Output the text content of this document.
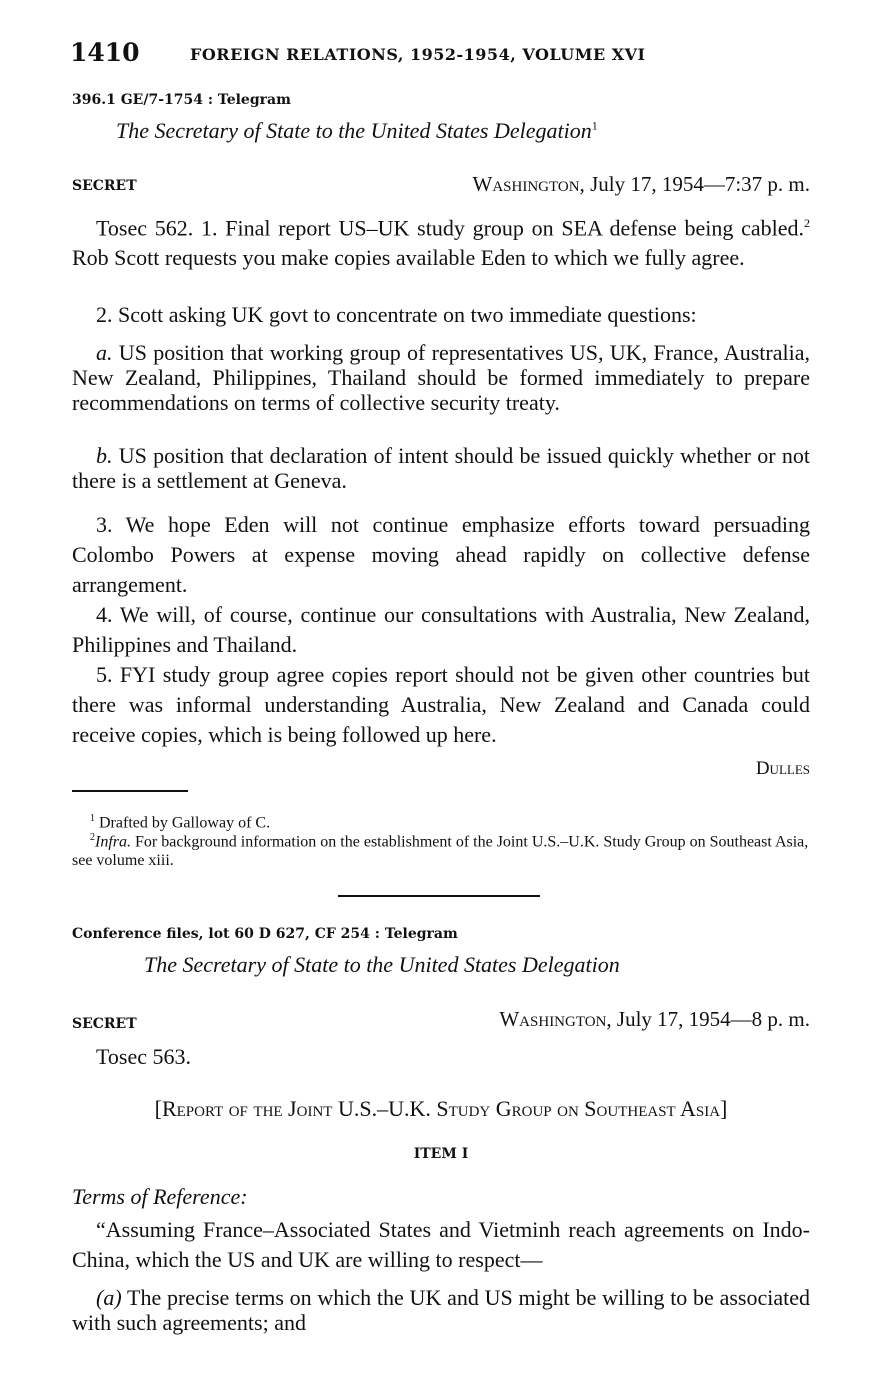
1410	FOREIGN RELATIONS, 1952-1954, VOLUME XVI
396.1 GE/7-1754 : Telegram
The Secretary of State to the United States Delegation$^1$
SECRET	Washington, July 17, 1954—7:37 p. m.
Tosec 562. 1. Final report US–UK study group on SEA defense being cabled.$^2$ Rob Scott requests you make copies available Eden to which we fully agree.
2. Scott asking UK govt to concentrate on two immediate questions:
a. US position that working group of representatives US, UK, France, Australia, New Zealand, Philippines, Thailand should be formed immediately to prepare recommendations on terms of collective security treaty.
b. US position that declaration of intent should be issued quickly whether or not there is a settlement at Geneva.
3. We hope Eden will not continue emphasize efforts toward persuading Colombo Powers at expense moving ahead rapidly on collective defense arrangement.
4. We will, of course, continue our consultations with Australia, New Zealand, Philippines and Thailand.
5. FYI study group agree copies report should not be given other countries but there was informal understanding Australia, New Zealand and Canada could receive copies, which is being followed up here.
Dulles
$^1$ Drafted by Galloway of C.
$^2$Infra. For background information on the establishment of the Joint U.S.–U.K. Study Group on Southeast Asia, see volume xiii.
Conference files, lot 60 D 627, CF 254 : Telegram
The Secretary of State to the United States Delegation
SECRET	Washington, July 17, 1954—8 p. m.
Tosec 563.
[Report of the Joint U.S.–U.K. Study Group on Southeast Asia]
ITEM I
Terms of Reference:
“Assuming France–Associated States and Vietminh reach agreements on Indo-China, which the US and UK are willing to respect—
(a) The precise terms on which the UK and US might be willing to be associated with such agreements; and
